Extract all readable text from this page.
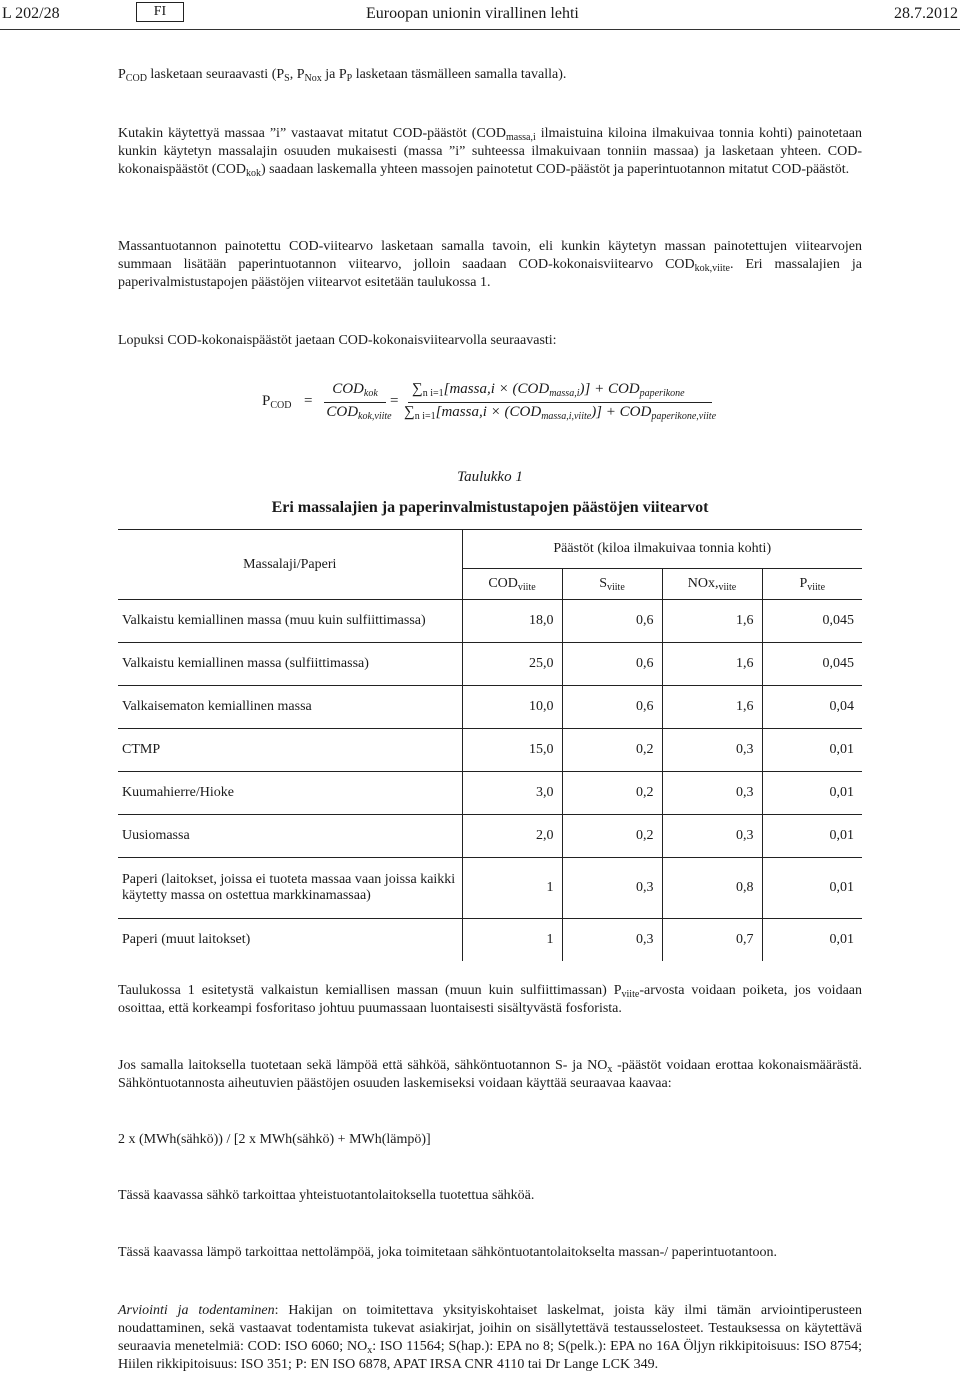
L 202/28	FI	Euroopan unionin virallinen lehti	28.7.2012

$P_{COD}$ lasketaan seuraavasti ($P_S$, $P_{Nox}$ ja $P_P$ lasketaan täsmälleen samalla tavalla).

Kutakin käytettyä massaa ”i” vastaavat mitatut COD-päästöt ($COD_{massa,i}$ ilmaistuina kiloina ilmakuivaa tonnia kohti) painotetaan kunkin käytetyn massalajin osuuden mukaisesti (massa ”i” suhteessa ilmakuivaan tonniin massaa) ja lasketaan yhteen. COD-kokonaispäästöt $(COD_{kok})$ saadaan laskemalla yhteen massojen painotetut COD-päästöt ja paperintuotannon mitatut COD-päästöt.

Massantuotannon painotettu COD-viitearvo lasketaan samalla tavoin, eli kunkin käytetyn massan painotettujen viitearvojen summaan lisätään paperintuotannon viitearvo, jolloin saadaan COD-kokonaisviitearvo $COD_{kok,viite}$. Eri massalajien ja paperivalmistustapojen päästöjen viitearvot esitetään taulukossa 1.

Lopuksi COD-kokonaispäästöt jaetaan COD-kokonaisviitearvolla seuraavasti:

$P_{COD}$ =
$COD_{kok}$
$COD_{kok,viite}$
=
$\sum_{n i=1}[massa,i \times (COD_{massa,i})] + COD_{paperikone}$
$\sum_{n i=1}[massa,i \times (COD_{massa,i,viite})] + COD_{paperikone,viite}$
Taulukko 1
Eri massalajien ja paperinvalmistustapojen päästöjen viitearvot
Massalaji/Paperi	Päästöt (kiloa ilmakuivaa tonnia kohti)			
	$COD_{viite}$	$S_{viite}$	$NOx,_{viite}$	$P_{viite}$
Valkaistu kemiallinen massa (muu kuin sulfiittimassa)	18,0	0,6	1,6	0,045
Valkaistu kemiallinen massa (sulfiittimassa)	25,0	0,6	1,6	0,045
Valkaisematon kemiallinen massa	10,0	0,6	1,6	0,04
CTMP	15,0	0,2	0,3	0,01
Kuumahierre/Hioke	3,0	0,2	0,3	0,01
Uusiomassa	2,0	0,2	0,3	0,01
Paperi (laitokset, joissa ei tuoteta massaa vaan joissa kaikki käytetty massa on ostettua markkinamassaa)	1	0,3	0,8	0,01
Paperi (muut laitokset)	1	0,3	0,7	0,01

Taulukossa 1 esitetystä valkaistun kemiallisen massan (muun kuin sulfiittimassan) $P_{viite}$-arvosta voidaan poiketa, jos voidaan osoittaa, että korkeampi fosforitaso johtuu puumassaan luontaisesti sisältyvästä fosforista.

Jos samalla laitoksella tuotetaan sekä lämpöä että sähköä, sähköntuotannon S- ja $NO_x$ -päästöt voidaan erottaa kokonaismäärästä. Sähköntuotannosta aiheutuvien päästöjen osuuden laskemiseksi voidaan käyttää seuraavaa kaavaa:

2 x (MWh(sähkö)) / [2 x MWh(sähkö) + MWh(lämpö)]

Tässä kaavassa sähkö tarkoittaa yhteistuotantolaitoksella tuotettua sähköä.

Tässä kaavassa lämpö tarkoittaa nettolämpöä, joka toimitetaan sähköntuotantolaitokselta massan-/ paperintuotantoon.

Arviointi ja todentaminen: Hakijan on toimitettava yksityiskohtaiset laskelmat, joista käy ilmi tämän arviointiperusteen noudattaminen, sekä vastaavat todentamista tukevat asiakirjat, joihin on sisällytettävä testausselosteet. Testauksessa on käytettävä seuraavia menetelmiä: COD: ISO 6060; $NO_x$: ISO 11564; S(hap.): EPA no 8; S(pelk.): EPA no 16A Öljyn rikkipitoisuus: ISO 8754; Hiilen rikkipitoisuus: ISO 351; P: EN ISO 6878, APAT IRSA CNR 4110 tai Dr Lange LCK 349.
